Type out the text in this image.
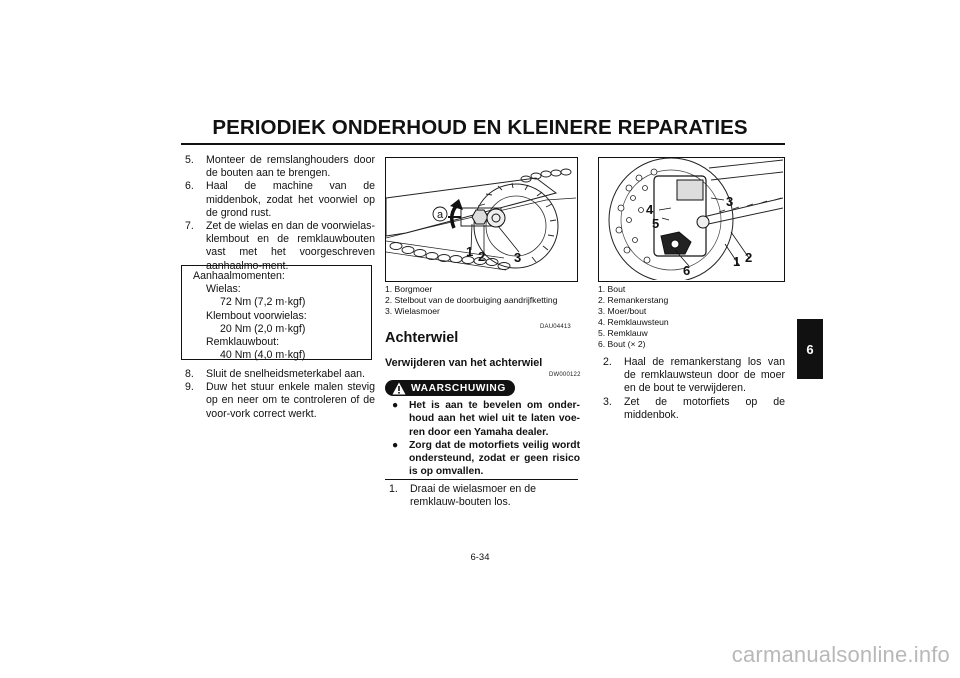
PERIODIEK ONDERHOUD EN KLEINERE REPARATIES
5. Monteer de remslanghouders door de bouten aan te brengen.
6. Haal de machine van de middenbok, zodat het voorwiel op de grond rust.
7. Zet de wielas en dan de voorwielas-klembout en de remklauwbouten vast met het voorgeschreven aanhaalmo-ment.
Aanhaalmomenten:
Wielas:
72 Nm (7,2 m·kgf)
Klembout voorwielas:
20 Nm (2,0 m·kgf)
Remklauwbout:
40 Nm (4,0 m·kgf)
8. Sluit de snelheidsmeterkabel aan.
9. Duw het stuur enkele malen stevig op en neer om te controleren of de voor-vork correct werkt.
a
1 2 3
1. Borgmoer
2. Stelbout van de doorbuiging aandrijfketting
3. Wielasmoer
1 2
3
4
5
6
1. Bout
2. Remankerstang
3. Moer/bout
4. Remklauwsteun
5. Remklauw
6. Bout (× 2)
DAU04413
Achterwiel
Verwijderen van het achterwiel
DW000122
WAARSCHUWING
● Het is aan te bevelen om onder-houd aan het wiel uit te laten voe-ren door een Yamaha dealer.
● Zorg dat de motorfiets veilig wordt ondersteund, zodat er geen risico is op omvallen.
1. Draai de wielasmoer en de remklauw-bouten los.
2. Haal de remankerstang los van de remklauwsteun door de moer en de bout te verwijderen.
3. Zet de motorfiets op de middenbok.
6
6-34
carmanualsonline.info
